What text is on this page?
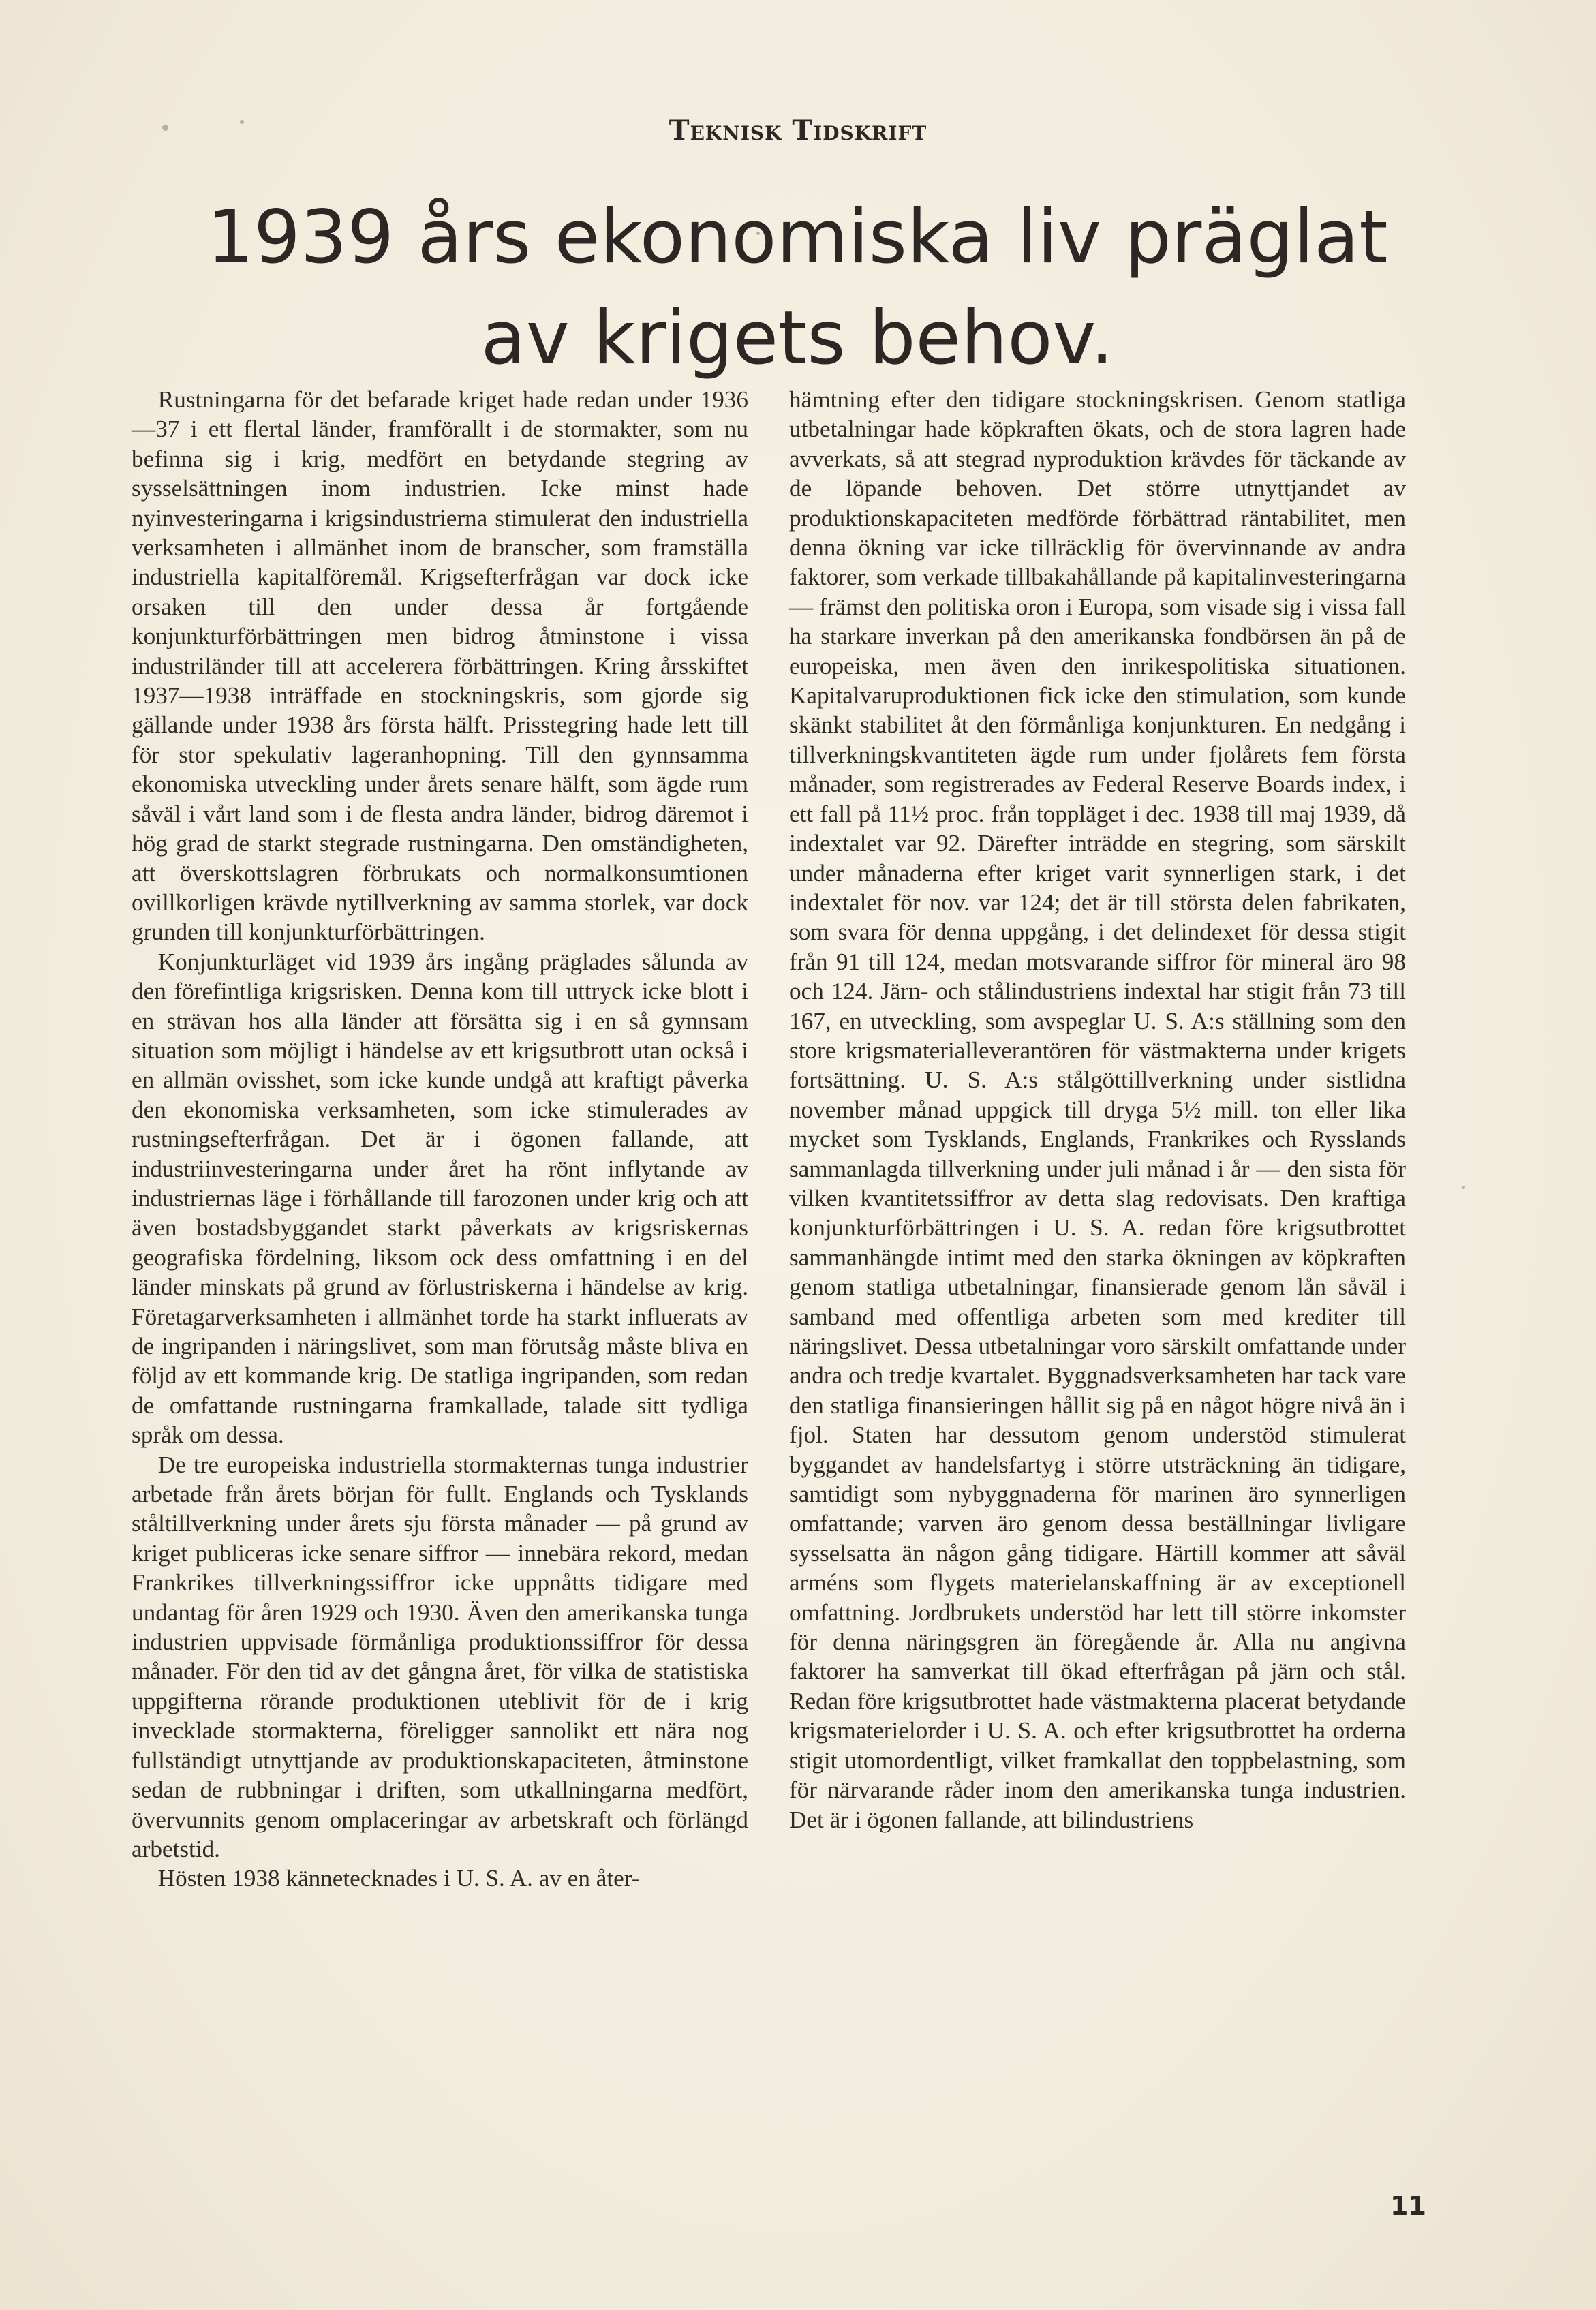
Teknisk Tidskrift
1939 års ekonomiska liv präglat av krigets behov.

Rustningarna för det befarade kriget hade redan under 1936—37 i ett flertal länder, framförallt i de stormakter, som nu befinna sig i krig, medfört en betydande stegring av sysselsättningen inom industrien. Icke minst hade nyinvesteringarna i krigsindustrierna stimulerat den industriella verksamheten i allmänhet inom de branscher, som framställa industriella kapitalföremål. Krigsefterfrågan var dock icke orsaken till den under dessa år fortgående konjunkturförbättringen men bidrog åtminstone i vissa industriländer till att accelerera förbättringen. Kring årsskiftet 1937—1938 inträffade en stockningskris, som gjorde sig gällande under 1938 års första hälft. Prisstegring hade lett till för stor spekulativ lageranhopning. Till den gynnsamma ekonomiska utveckling under årets senare hälft, som ägde rum såväl i vårt land som i de flesta andra länder, bidrog däremot i hög grad de starkt stegrade rustningarna. Den omständigheten, att överskottslagren förbrukats och normalkonsumtionen ovillkorligen krävde nytillverkning av samma storlek, var dock grunden till konjunkturförbättringen.

Konjunkturläget vid 1939 års ingång präglades sålunda av den förefintliga krigsrisken. Denna kom till uttryck icke blott i en strävan hos alla länder att försätta sig i en så gynnsam situation som möjligt i händelse av ett krigsutbrott utan också i en allmän ovisshet, som icke kunde undgå att kraftigt påverka den ekonomiska verksamheten, som icke stimulerades av rustningsefterfrågan. Det är i ögonen fallande, att industriinvesteringarna under året ha rönt inflytande av industriernas läge i förhållande till farozonen under krig och att även bostadsbyggandet starkt påverkats av krigsriskernas geografiska fördelning, liksom ock dess omfattning i en del länder minskats på grund av förlustriskerna i händelse av krig. Företagarverksamheten i allmänhet torde ha starkt influerats av de ingripanden i näringslivet, som man förutsåg måste bliva en följd av ett kommande krig. De statliga ingripanden, som redan de omfattande rustningarna framkallade, talade sitt tydliga språk om dessa.

De tre europeiska industriella stormakternas tunga industrier arbetade från årets början för fullt. Englands och Tysklands ståltillverkning under årets sju första månader — på grund av kriget publiceras icke senare siffror — innebära rekord, medan Frankrikes tillverkningssiffror icke uppnåtts tidigare med undantag för åren 1929 och 1930. Även den amerikanska tunga industrien uppvisade förmånliga produktionssiffror för dessa månader. För den tid av det gångna året, för vilka de statistiska uppgifterna rörande produktionen uteblivit för de i krig invecklade stormakterna, föreligger sannolikt ett nära nog fullständigt utnyttjande av produktionskapaciteten, åtminstone sedan de rubbningar i driften, som utkallningarna medfört, övervunnits genom omplaceringar av arbetskraft och förlängd arbetstid.

Hösten 1938 kännetecknades i U. S. A. av en åter-

hämtning efter den tidigare stockningskrisen. Genom statliga utbetalningar hade köpkraften ökats, och de stora lagren hade avverkats, så att stegrad nyproduktion krävdes för täckande av de löpande behoven. Det större utnyttjandet av produktionskapaciteten medförde förbättrad räntabilitet, men denna ökning var icke tillräcklig för övervinnande av andra faktorer, som verkade tillbakahållande på kapitalinvesteringarna — främst den politiska oron i Europa, som visade sig i vissa fall ha starkare inverkan på den amerikanska fondbörsen än på de europeiska, men även den inrikespolitiska situationen. Kapitalvaruproduktionen fick icke den stimulation, som kunde skänkt stabilitet åt den förmånliga konjunkturen. En nedgång i tillverkningskvantiteten ägde rum under fjolårets fem första månader, som registrerades av Federal Reserve Boards index, i ett fall på 11½ proc. från toppläget i dec. 1938 till maj 1939, då indextalet var 92. Därefter inträdde en stegring, som särskilt under månaderna efter kriget varit synnerligen stark, i det indextalet för nov. var 124; det är till största delen fabrikaten, som svara för denna uppgång, i det delindexet för dessa stigit från 91 till 124, medan motsvarande siffror för mineral äro 98 och 124. Järn- och stålindustriens indextal har stigit från 73 till 167, en utveckling, som avspeglar U. S. A:s ställning som den store krigsmaterialleverantören för västmakterna under krigets fortsättning. U. S. A:s stålgöttillverkning under sistlidna november månad uppgick till dryga 5½ mill. ton eller lika mycket som Tysklands, Englands, Frankrikes och Rysslands sammanlagda tillverkning under juli månad i år — den sista för vilken kvantitetssiffror av detta slag redovisats. Den kraftiga konjunkturförbättringen i U. S. A. redan före krigsutbrottet sammanhängde intimt med den starka ökningen av köpkraften genom statliga utbetalningar, finansierade genom lån såväl i samband med offentliga arbeten som med krediter till näringslivet. Dessa utbetalningar voro särskilt omfattande under andra och tredje kvartalet. Byggnadsverksamheten har tack vare den statliga finansieringen hållit sig på en något högre nivå än i fjol. Staten har dessutom genom understöd stimulerat byggandet av handelsfartyg i större utsträckning än tidigare, samtidigt som nybyggnaderna för marinen äro synnerligen omfattande; varven äro genom dessa beställningar livligare sysselsatta än någon gång tidigare. Härtill kommer att såväl arméns som flygets materielanskaffning är av exceptionell omfattning. Jordbrukets understöd har lett till större inkomster för denna näringsgren än föregående år. Alla nu angivna faktorer ha samverkat till ökad efterfrågan på järn och stål. Redan före krigsutbrottet hade västmakterna placerat betydande krigsmaterielorder i U. S. A. och efter krigsutbrottet ha orderna stigit utomordentligt, vilket framkallat den toppbelastning, som för närvarande råder inom den amerikanska tunga industrien. Det är i ögonen fallande, att bilindustriens

11
